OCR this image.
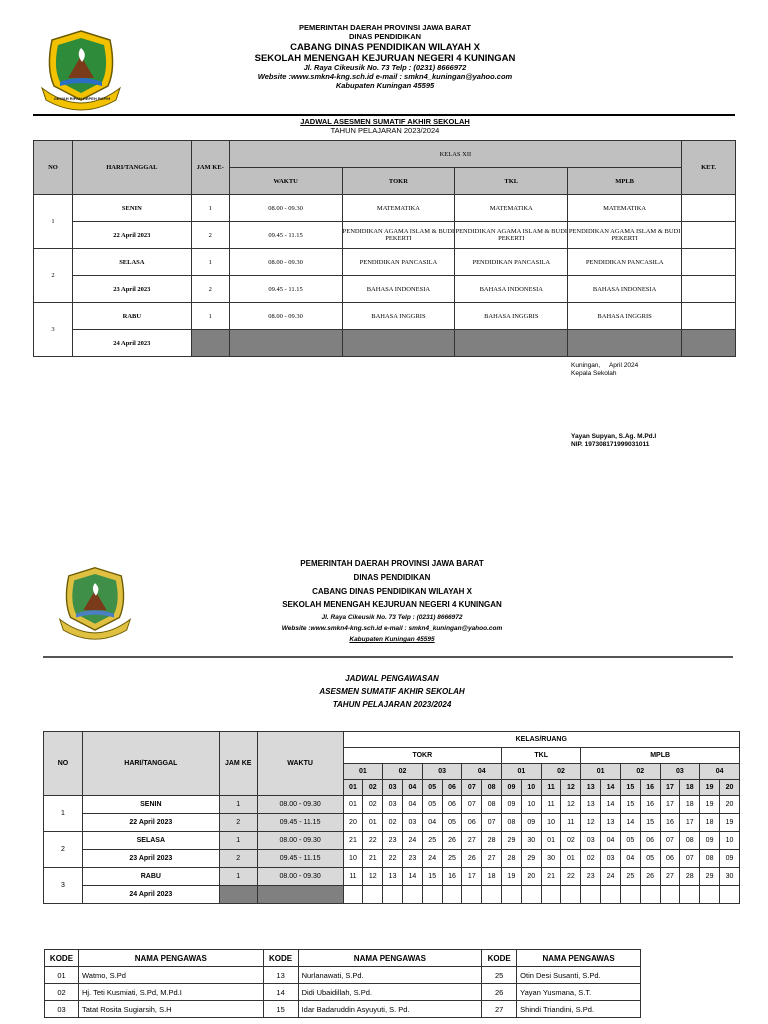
GEMAH RIPAH REPEH RAPIH
PEMERINTAH DAERAH PROVINSI JAWA BARAT
DINAS PENDIDIKAN
CABANG DINAS PENDIDIKAN WILAYAH X
SEKOLAH MENENGAH KEJURUAN NEGERI 4 KUNINGAN
Jl. Raya Cikeusik No. 73 Telp : (0231) 8666972
Website :www.smkn4-kng.sch.id e-mail : smkn4_kuningan@yahoo.com
Kabupaten Kuningan 45595
JADWAL ASESMEN SUMATIF AKHIR SEKOLAH
TAHUN PELAJARAN 2023/2024
NO	HARI/TANGGAL	JAM KE-	KELAS XII				KET.
			WAKTU	TOKR	TKL	MPLB	
1	SENIN	1	08.00 - 09.30	MATEMATIKA	MATEMATIKA	MATEMATIKA	
	22 April 2023	2	09.45 - 11.15	PENDIDIKAN AGAMA ISLAM & BUDI PEKERTI	PENDIDIKAN AGAMA ISLAM & BUDI PEKERTI	PENDIDIKAN AGAMA ISLAM & BUDI PEKERTI	
2	SELASA	1	08.00 - 09.30	PENDIDIKAN PANCASILA	PENDIDIKAN PANCASILA	PENDIDIKAN PANCASILA	
	23 April 2023	2	09.45 - 11.15	BAHASA INDONESIA	BAHASA INDONESIA	BAHASA INDONESIA	
3	RABU	1	08.00 - 09.30	BAHASA INGGRIS	BAHASA INGGRIS	BAHASA INGGRIS	
	24 April 2023						
Kuningan,     April 2024
Kepala Sekolah
Yayan Supyan, S.Ag. M.Pd.I
NIP. 197308171999031011
PEMERINTAH DAERAH PROVINSI JAWA BARAT
DINAS PENDIDIKAN
CABANG DINAS PENDIDIKAN WILAYAH X
SEKOLAH MENENGAH KEJURUAN NEGERI 4 KUNINGAN
Jl. Raya Cikeusik No. 73 Telp : (0231) 8666972
Website :www.smkn4-kng.sch.id e-mail : smkn4_kuningan@yahoo.com
Kabupaten Kuningan 45595
JADWAL PENGAWASAN
ASESMEN SUMATIF AKHIR SEKOLAH
TAHUN PELAJARAN 2023/2024
NO	HARI/TANGGAL	JAM KE	WAKTU	KELAS/RUANG																			
				TOKR								TKL				MPLB							
				01		02		03		04		01		02		01		02		03		04	
				01	02	03	04	05	06	07	08	09	10	11	12	13	14	15	16	17	18	19	20
1	SENIN	1	08.00 - 09.30	01	02	03	04	05	06	07	08	09	10	11	12	13	14	15	16	17	18	19	20
	22 April 2023	2	09.45 - 11.15	20	01	02	03	04	05	06	07	08	09	10	11	12	13	14	15	16	17	18	19
2	SELASA	1	08.00 - 09.30	21	22	23	24	25	26	27	28	29	30	01	02	03	04	05	06	07	08	09	10
	23 April 2023	2	09.45 - 11.15	10	21	22	23	24	25	26	27	28	29	30	01	02	03	04	05	06	07	08	09
3	RABU	1	08.00 - 09.30	11	12	13	14	15	16	17	18	19	20	21	22	23	24	25	26	27	28	29	30
	24 April 2023																						
KODE	NAMA PENGAWAS	KODE	NAMA PENGAWAS	KODE	NAMA PENGAWAS
01	Watmo, S.Pd	13	Nurlanawati, S.Pd.	25	Otin Desi Susanti, S.Pd.
02	Hj. Teti Kusmiati, S.Pd, M.Pd.I	14	Didi Ubaidillah, S.Pd.	26	Yayan Yusmana, S.T.
03	Tatat Rosita Sugiarsih, S.H	15	Idar Badaruddin Asyuyuti, S. Pd.	27	Shindi Triandini, S.Pd.
